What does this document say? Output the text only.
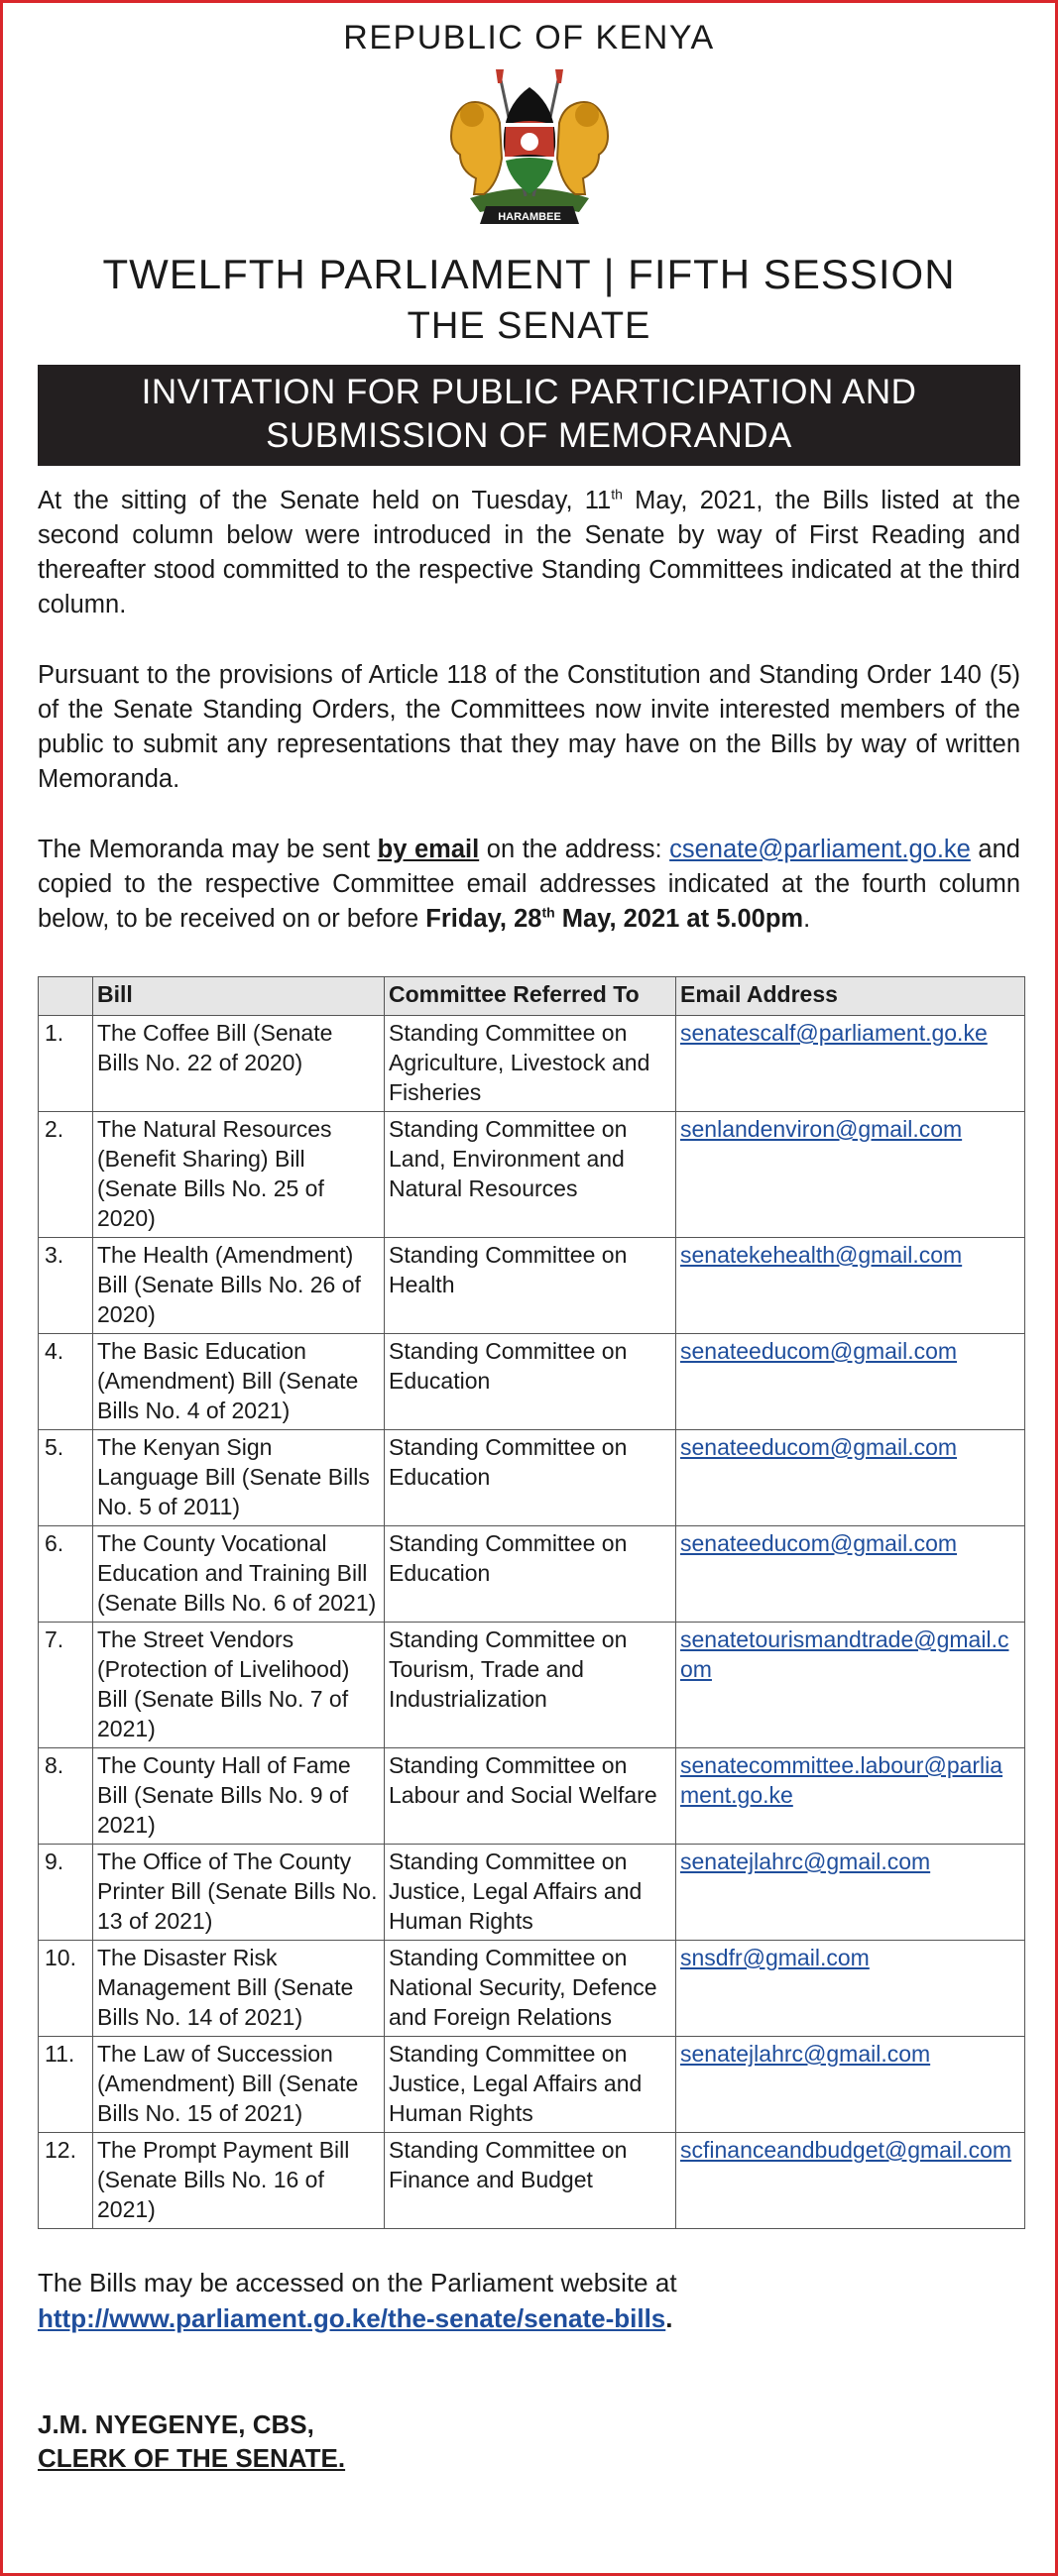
REPUBLIC OF KENYA
HARAMBEE
TWELFTH PARLIAMENT | FIFTH SESSION
THE SENATE
INVITATION FOR PUBLIC PARTICIPATION AND
SUBMISSION OF MEMORANDA

At the sitting of the Senate held on Tuesday, 11th May, 2021, the Bills listed at the second column below were introduced in the Senate by way of First Reading and thereafter stood committed to the respective Standing Committees indicated at the third column.

Pursuant to the provisions of Article 118 of the Constitution and Standing Order 140 (5) of the Senate Standing Orders, the Committees now invite interested members of the public to submit any representations that they may have on the Bills by way of written Memoranda.

The Memoranda may be sent by email on the address: csenate@parliament.go.ke and copied to the respective Committee email addresses indicated at the fourth column below, to be received on or before Friday, 28th May, 2021 at 5.00pm.

	Bill	Committee Referred To	Email Address
1.	The Coffee Bill (Senate Bills No. 22 of 2020)	Standing Committee on Agriculture, Livestock and Fisheries	senatescalf@parliament.go.ke
2.	The Natural Resources (Benefit Sharing) Bill (Senate Bills No. 25 of 2020)	Standing Committee on Land, Environment and Natural Resources	senlandenviron@gmail.com
3.	The Health (Amendment) Bill (Senate Bills No. 26 of 2020)	Standing Committee on Health	senatekehealth@gmail.com
4.	The Basic Education (Amendment) Bill (Senate Bills No. 4 of 2021)	Standing Committee on Education	senateeducom@gmail.com
5.	The Kenyan Sign Language Bill (Senate Bills No. 5 of 2011)	Standing Committee on Education	senateeducom@gmail.com
6.	The County Vocational Education and Training Bill (Senate Bills No. 6 of 2021)	Standing Committee on Education	senateeducom@gmail.com
7.	The Street Vendors (Protection of Livelihood) Bill (Senate Bills No. 7 of 2021)	Standing Committee on Tourism, Trade and Industrialization	senatetourismandtrade@gmail.com
8.	The County Hall of Fame Bill (Senate Bills No. 9 of 2021)	Standing Committee on Labour and Social Welfare	senatecommittee.labour@parliament.go.ke
9.	The Office of The County Printer Bill (Senate Bills No. 13 of 2021)	Standing Committee on Justice, Legal Affairs and Human Rights	senatejlahrc@gmail.com
10.	The Disaster Risk Management Bill (Senate Bills No. 14 of 2021)	Standing Committee on National Security, Defence and Foreign Relations	snsdfr@gmail.com
11.	The Law of Succession (Amendment) Bill (Senate Bills No. 15 of 2021)	Standing Committee on Justice, Legal Affairs and Human Rights	senatejlahrc@gmail.com
12.	The Prompt Payment Bill (Senate Bills No. 16 of 2021)	Standing Committee on Finance and Budget	scfinanceandbudget@gmail.com
The Bills may be accessed on the Parliament website at
http://www.parliament.go.ke/the-senate/senate-bills.
J.M. NYEGENYE, CBS,
CLERK OF THE SENATE.
